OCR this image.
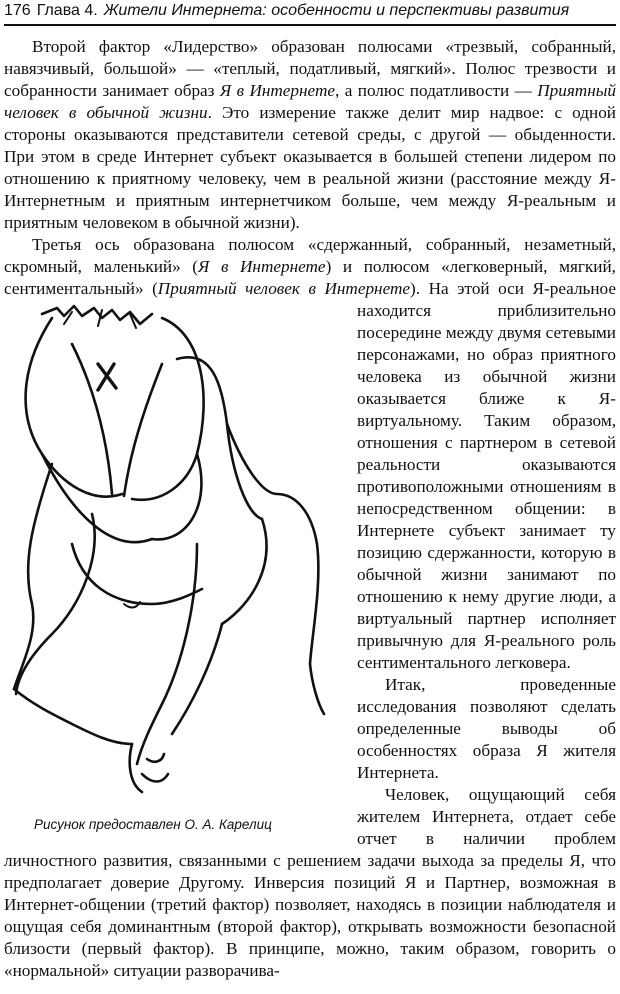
176 Глава 4. Жители Интернета: особенности и перспективы развития

Второй фактор «Лидерство» образован полюсами «трезвый, собранный, навязчивый, большой» — «теплый, податливый, мягкий». Полюс трезвости и собранности занимает образ Я в Интернете, а полюс податливости — Приятный человек в обычной жизни. Это измерение также делит мир надвое: с одной стороны оказываются представители сетевой среды, с другой — обыденности. При этом в среде Интернет субъект оказывается в большей степени лидером по отношению к приятному человеку, чем в реальной жизни (расстояние между Я-Интернетным и приятным интернетчиком больше, чем между Я-реальным и приятным человеком в обычной жизни).

Третья ось образована полюсом «сдержанный, собранный, незаметный, скромный, маленький» (Я в Интернете) и полюсом «легковерный, мягкий, сентиментальный» (Приятный человек в Интернете
Рисунок предоставлен О. А. Карелиц
). На этой оси Я-реальное находится приблизительно посередине между двумя сетевыми персонажами, но образ приятного человека из обычной жизни оказывается ближе к Я-виртуальному. Таким образом, отношения с партнером в сетевой реальности оказываются противоположными отношениям в непосредственном общении: в Интернете субъект занимает ту позицию сдержанности, которую в обычной жизни занимают по отношению к нему другие люди, а виртуальный партнер исполняет привычную для Я-реального роль сентиментального легковера.

Итак, проведенные исследования позволяют сделать определенные выводы об особенностях образа Я жителя Интернета.

Человек, ощущающий себя жителем Интернета, отдает себе отчет в наличии проблем личностного развития, связанными с решением задачи выхода за пределы Я, что предполагает доверие Другому. Инверсия позиций Я и Партнер, возможная в Интернет-общении (третий фактор) позволяет, находясь в позиции наблюдателя и ощущая себя доминантным (второй фактор), открывать возможности безопасной близости (первый фактор). В принципе, можно, таким образом, говорить о «нормальной» ситуации разворачива-
